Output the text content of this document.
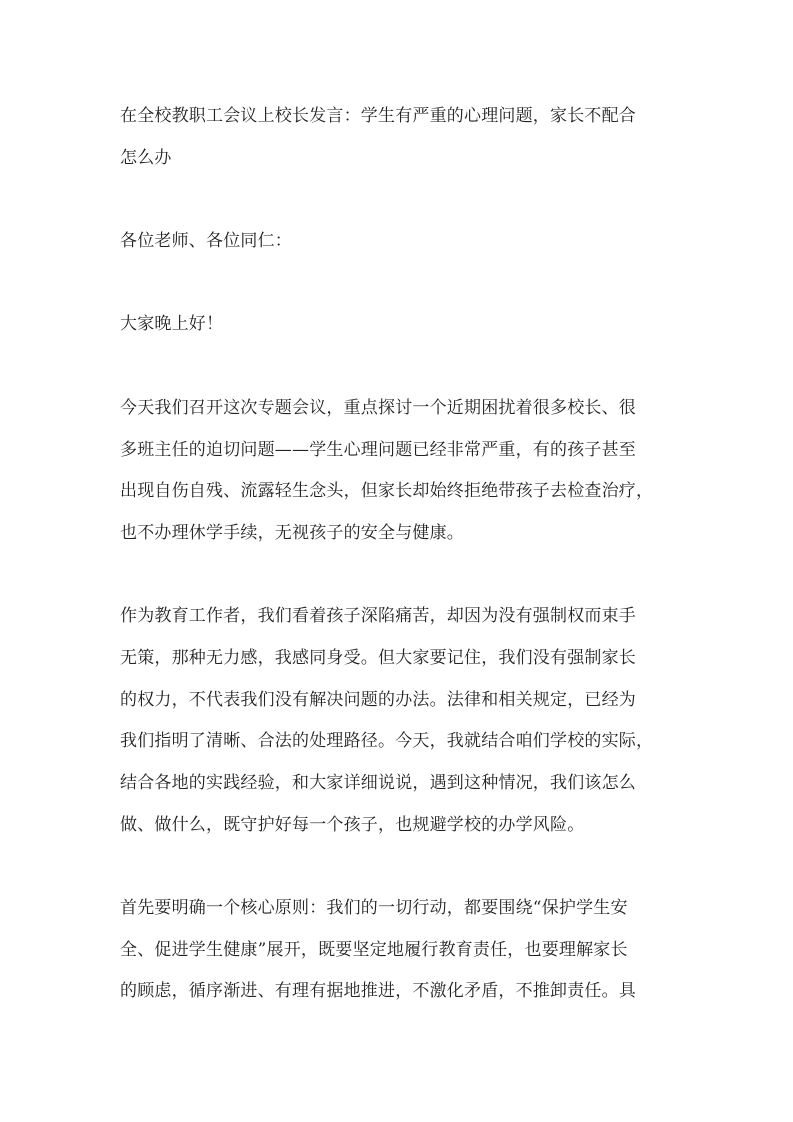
在全校教职工会议上校长发言：学生有严重的心理问题，家长不配合
怎么办
各位老师、各位同仁：
大家晚上好！
今天我们召开这次专题会议，重点探讨一个近期困扰着很多校长、很
多班主任的迫切问题——学生心理问题已经非常严重，有的孩子甚至
出现自伤自残、流露轻生念头，但家长却始终拒绝带孩子去检查治疗，
也不办理休学手续，无视孩子的安全与健康。
作为教育工作者，我们看着孩子深陷痛苦，却因为没有强制权而束手
无策，那种无力感，我感同身受。但大家要记住，我们没有强制家长
的权力，不代表我们没有解决问题的办法。法律和相关规定，已经为
我们指明了清晰、合法的处理路径。今天，我就结合咱们学校的实际，
结合各地的实践经验，和大家详细说说，遇到这种情况，我们该怎么
做、做什么，既守护好每一个孩子，也规避学校的办学风险。
首先要明确一个核心原则：我们的一切行动，都要围绕“保护学生安
全、促进学生健康”展开，既要坚定地履行教育责任，也要理解家长
的顾虑，循序渐进、有理有据地推进，不激化矛盾，不推卸责任。具
